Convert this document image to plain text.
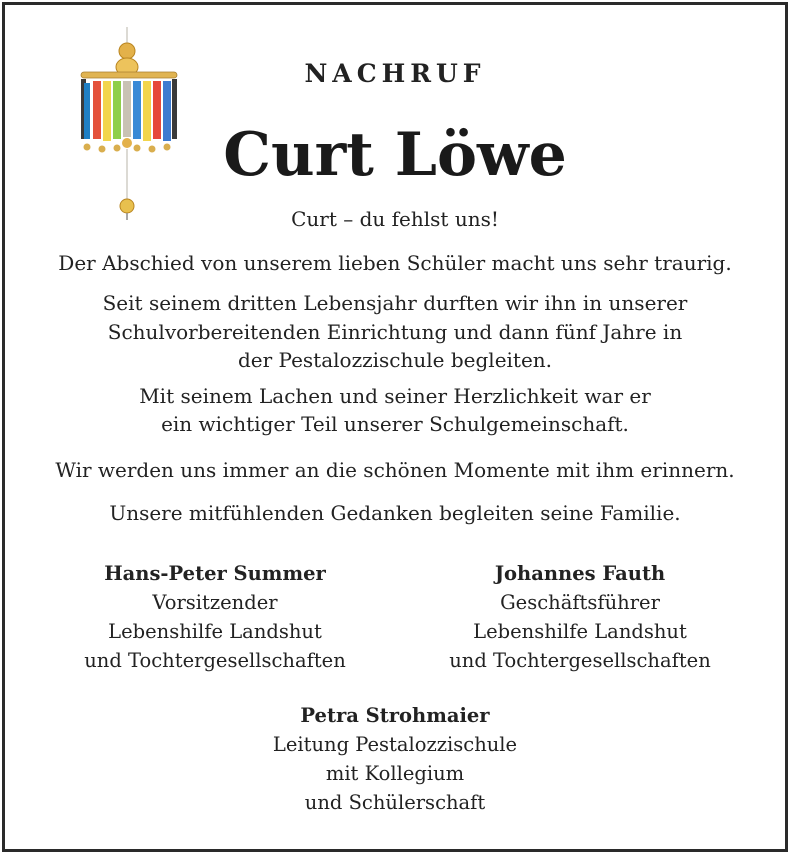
NACHRUF
Curt Löwe
Curt – du fehlst uns!
Der Abschied von unserem lieben Schüler macht uns sehr traurig.
Seit seinem dritten Lebensjahr durften wir ihn in unserer
Schulvorbereitenden Einrichtung und dann fünf Jahre in
der Pestalozzischule begleiten.
Mit seinem Lachen und seiner Herzlichkeit war er
ein wichtiger Teil unserer Schulgemeinschaft.
Wir werden uns immer an die schönen Momente mit ihm erinnern.
Unsere mitfühlenden Gedanken begleiten seine Familie.
Hans-Peter Summer
Vorsitzender
Lebenshilfe Landshut
und Tochtergesellschaften
Johannes Fauth
Geschäftsführer
Lebenshilfe Landshut
und Tochtergesellschaften
Petra Strohmaier
Leitung Pestalozzischule
mit Kollegium
und Schülerschaft
